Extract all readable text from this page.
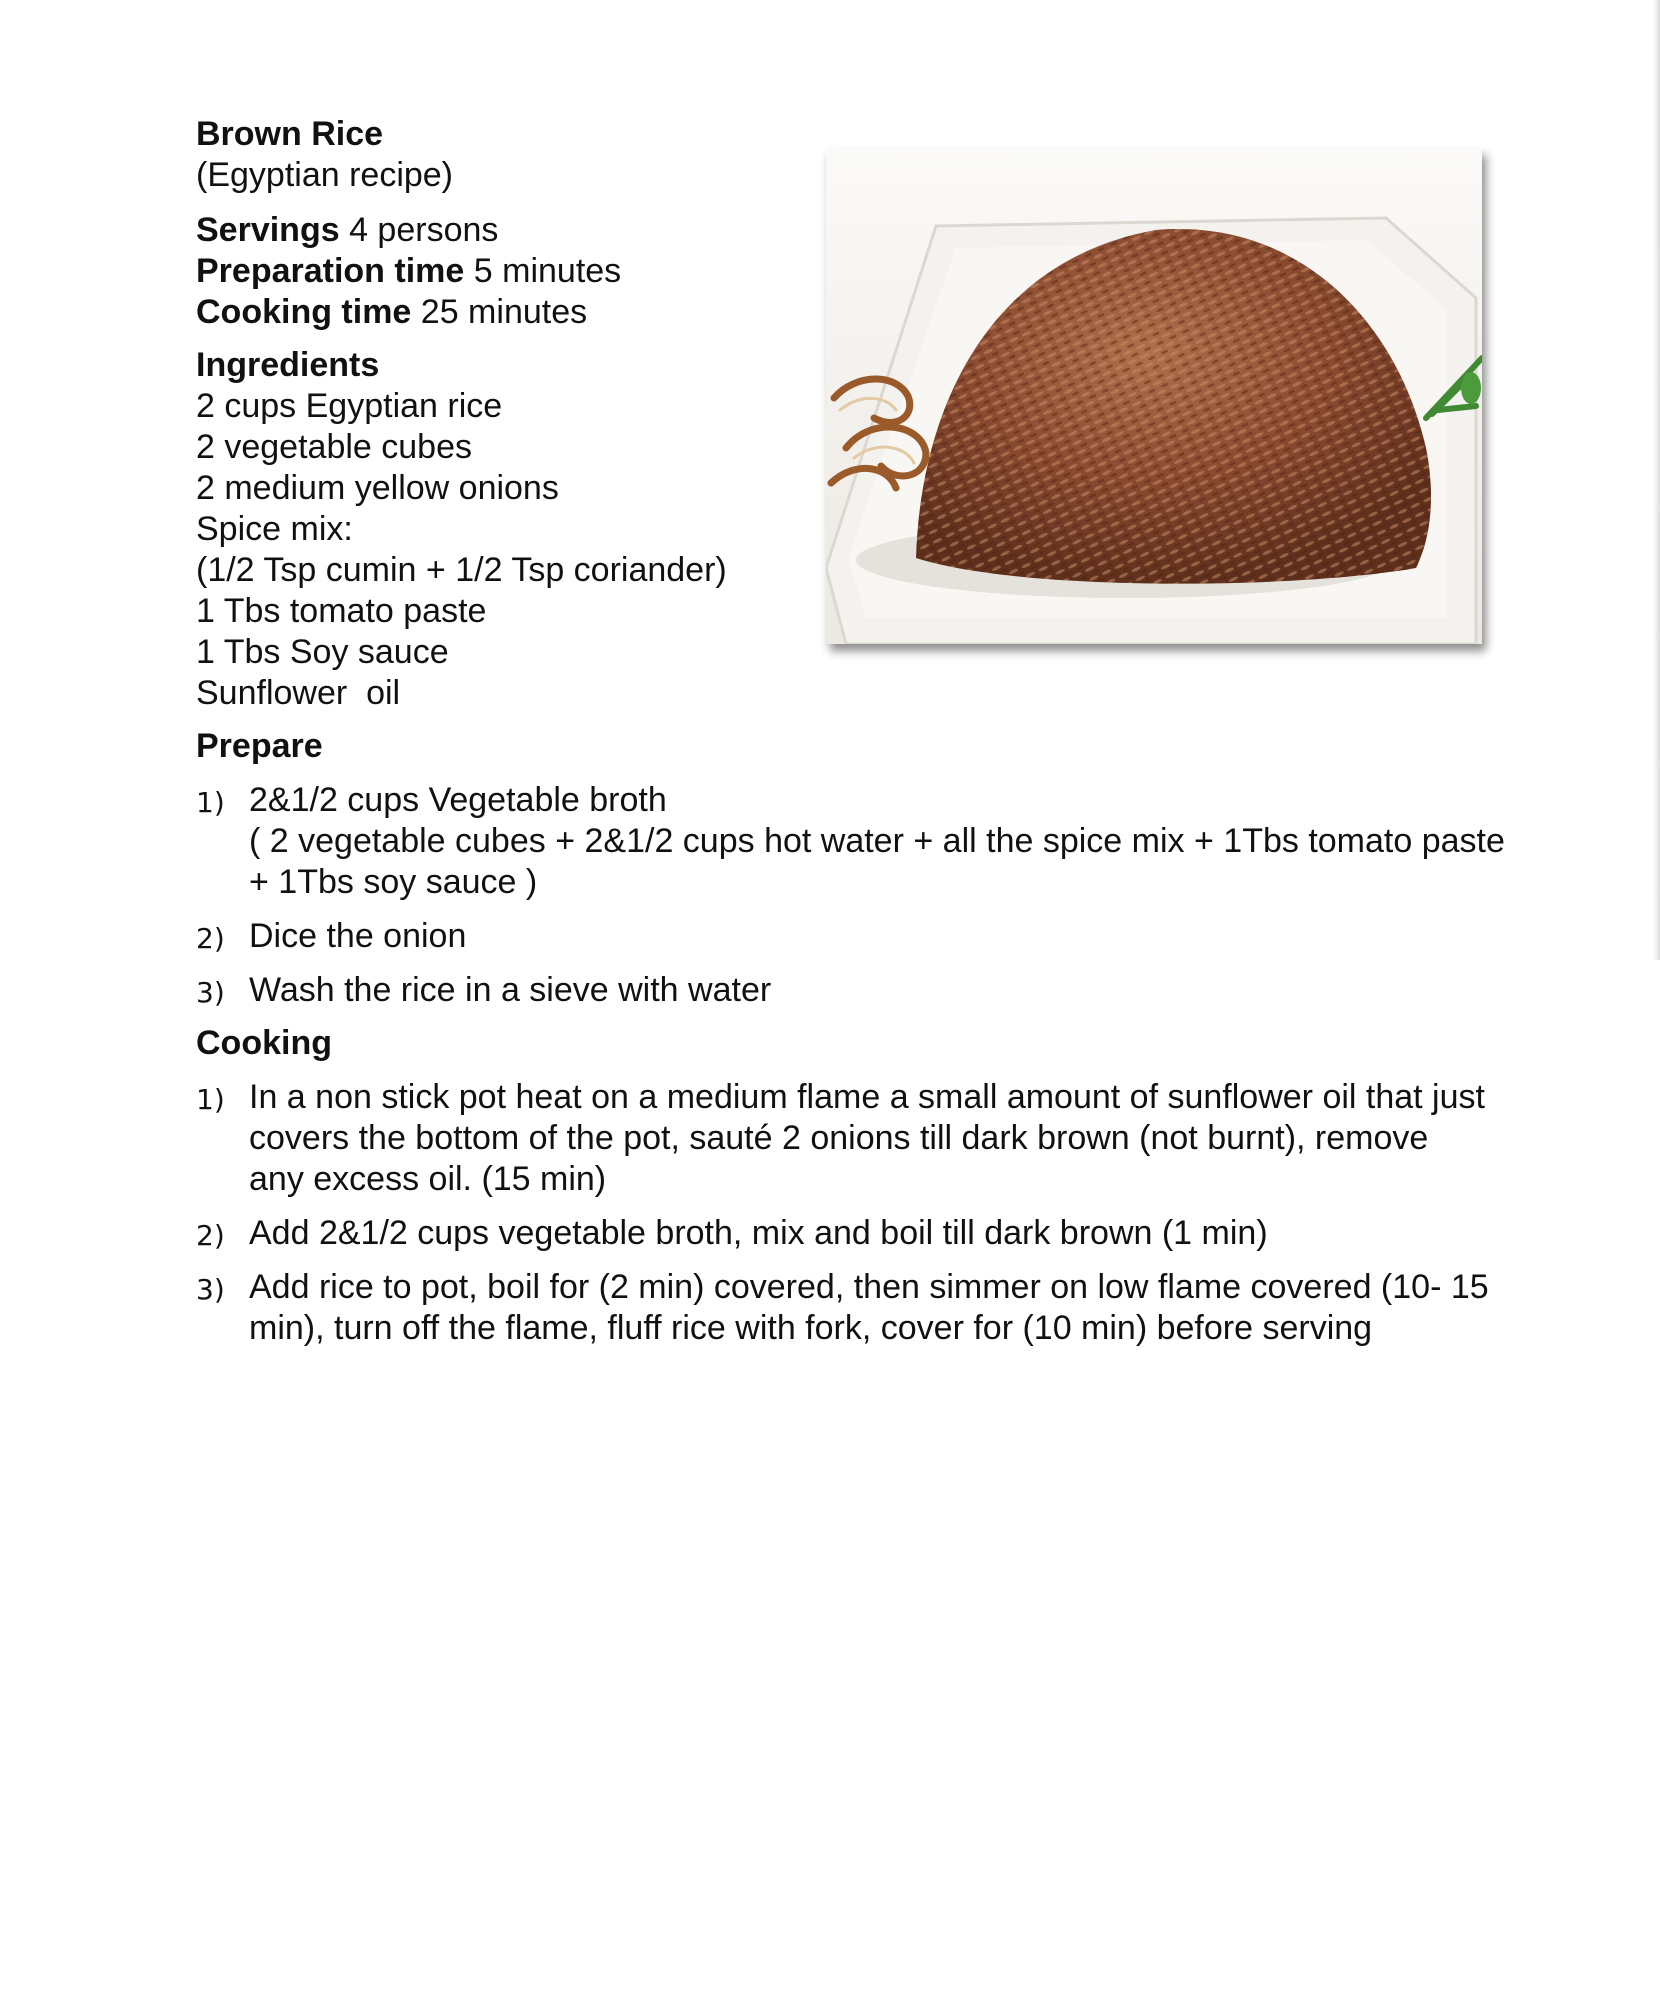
Brown Rice
(Egyptian recipe)
Servings 4 persons
Preparation time 5 minutes
Cooking time 25 minutes
Ingredients
2 cups Egyptian rice
2 vegetable cubes
2 medium yellow onions
Spice mix:
(1/2 Tsp cumin + 1/2 Tsp coriander)
1 Tbs tomato paste
1 Tbs Soy sauce
Sunflower  oil
Prepare
1) 2&1/2 cups Vegetable broth
( 2 vegetable cubes + 2&1/2 cups hot water + all the spice mix + 1Tbs tomato paste + 1Tbs soy sauce )
2) Dice the onion
3) Wash the rice in a sieve with water
Cooking
1) In a non stick pot heat on a medium flame a small amount of sunflower oil that just covers the bottom of the pot, sauté 2 onions till dark brown (not burnt), remove any excess oil. (15 min)
2) Add 2&1/2 cups vegetable broth, mix and boil till dark brown (1 min)
3) Add rice to pot, boil for (2 min) covered, then simmer on low flame covered (10- 15 min), turn off the flame, fluff rice with fork, cover for (10 min) before serving
